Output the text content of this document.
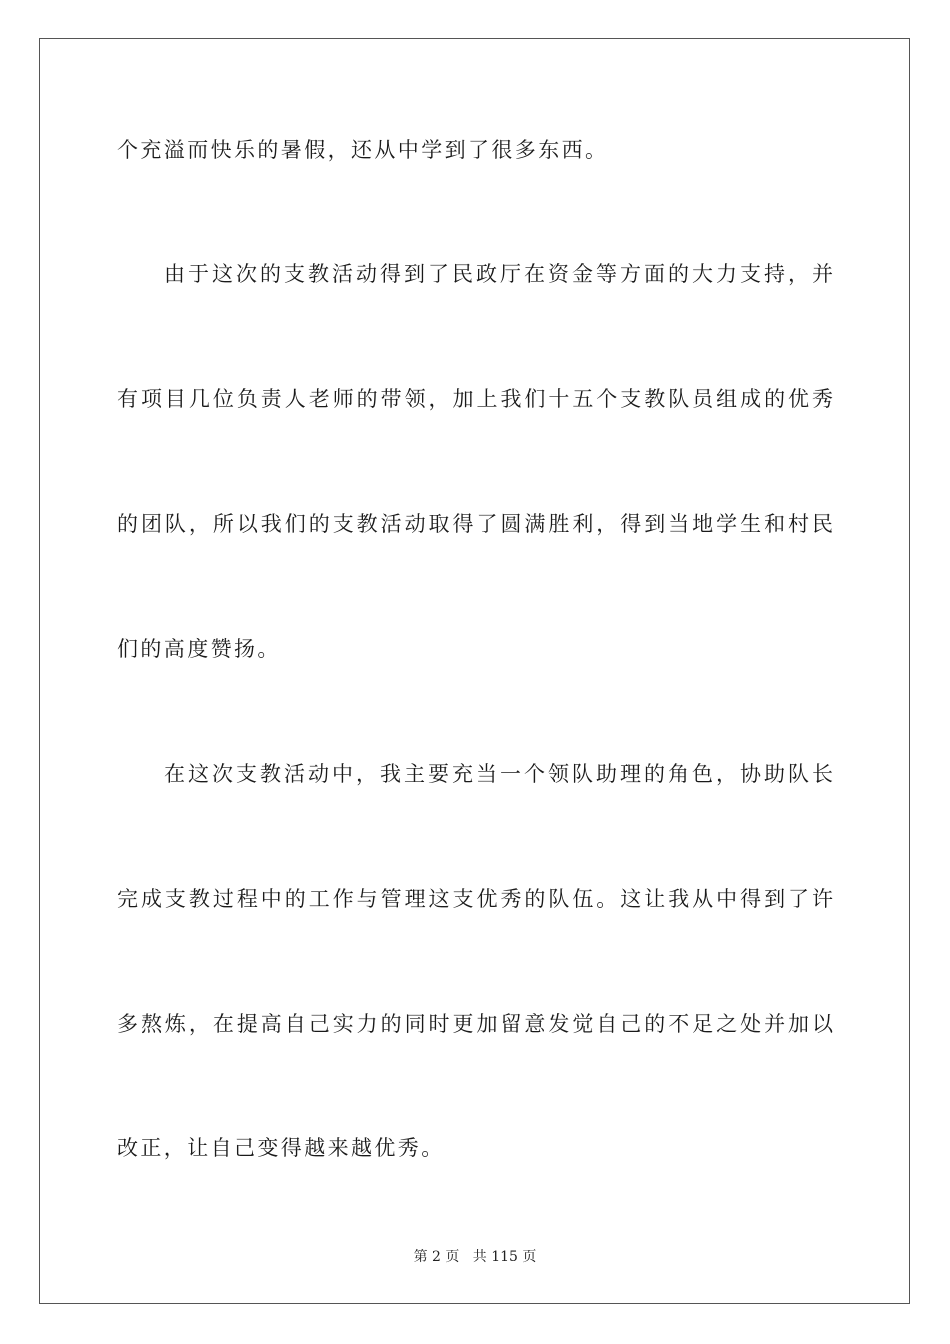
个充溢而快乐的暑假，还从中学到了很多东西。
由于这次的支教活动得到了民政厅在资金等方面的大力支持，并
有项目几位负责人老师的带领，加上我们十五个支教队员组成的优秀
的团队，所以我们的支教活动取得了圆满胜利，得到当地学生和村民
们的高度赞扬。
在这次支教活动中，我主要充当一个领队助理的角色，协助队长
完成支教过程中的工作与管理这支优秀的队伍。这让我从中得到了许
多熬炼，在提高自己实力的同时更加留意发觉自己的不足之处并加以
改正，让自己变得越来越优秀。
第 2 页 共 115 页
